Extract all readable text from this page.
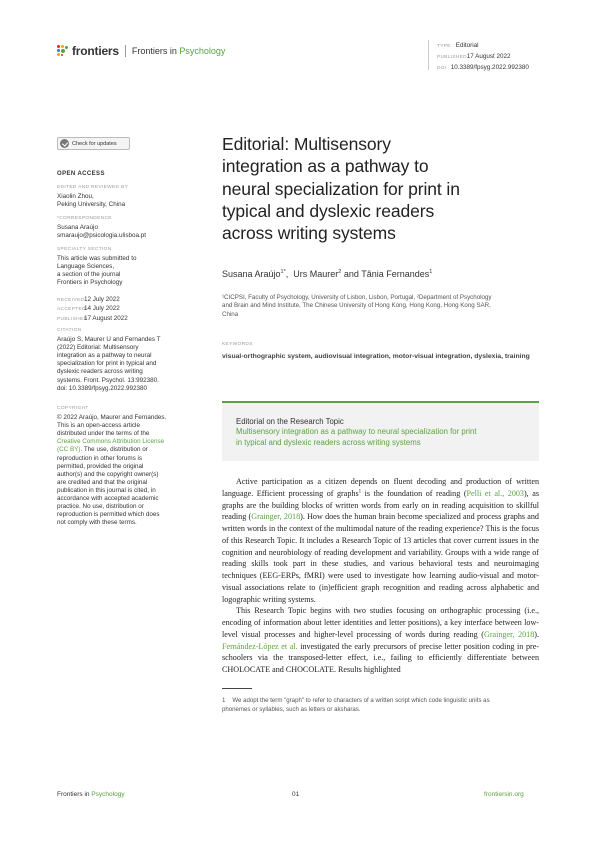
frontiers Frontiers in Psychology	TYPE Editorial
PUBLISHED 17 August 2022
DOI 10.3389/fpsyg.2022.992380
Check for updates
OPEN ACCESS
EDITED AND REVIEWED BY
Xiaolin Zhou,
Peking University, China
*CORRESPONDENCE
Susana Araújo
smaraujo@psicologia.ulisboa.pt
SPECIALTY SECTION
This article was submitted to
Language Sciences,
a section of the journal
Frontiers in Psychology
RECEIVED12 July 2022
ACCEPTED14 July 2022
PUBLISHED17 August 2022
CITATION
Araújo S, Maurer U and Fernandes T
(2022) Editorial: Multisensory
integration as a pathway to neural
specialization for print in typical and
dyslexic readers across writing
systems. Front. Psychol. 13:992380.
doi: 10.3389/fpsyg.2022.992380
COPYRIGHT
© 2022 Araújo, Maurer and Fernandes.
This is an open-access article
distributed under the terms of the
Creative Commons Attribution License
(CC BY). The use, distribution or
reproduction in other forums is
permitted, provided the original
author(s) and the copyright owner(s)
are credited and that the original
publication in this journal is cited, in
accordance with accepted academic
practice. No use, distribution or
reproduction is permitted which does
not comply with these terms.
Editorial: Multisensory
integration as a pathway to
neural specialization for print in
typical and dyslexic readers
across writing systems
Susana Araújo$^{1*}$,  Urs Maurer$^2$ and Tânia Fernandes$^1$
¹CICPSI, Faculty of Psychology, University of Lisbon, Lisbon, Portugal, ²Department of Psychology
and Brain and Mind Institute, The Chinese University of Hong Kong, Hong Kong, Hong Kong SAR,
China
KEYWORDS
visual-orthographic system, audiovisual integration, motor-visual integration, dyslexia, training
Editorial on the Research Topic
Multisensory integration as a pathway to neural specialization for print
in typical and dyslexic readers across writing systems

Active participation as a citizen depends on fluent decoding and production of written language. Efficient processing of graphs$^1$ is the foundation of reading (Pelli et al., 2003), as graphs are the building blocks of written words from early on in reading acquisition to skillful reading (Grainger, 2018). How does the human brain become specialized and process graphs and written words in the context of the multimodal nature of the reading experience? This is the focus of this Research Topic. It includes a Research Topic of 13 articles that cover current issues in the cognition and neurobiology of reading development and variability. Groups with a wide range of reading skills took part in these studies, and various behavioral tests and neuroimaging techniques (EEG-ERPs, fMRI) were used to investigate how learning audio-visual and motor-visual associations relate to (in)efficient graph recognition and reading across alphabetic and logographic writing systems.

This Research Topic begins with two studies focusing on orthographic processing (i.e., encoding of information about letter identities and letter positions), a key interface between low-level visual processes and higher-level processing of words during reading (Grainger, 2018). Fernández-López et al. investigated the early precursors of precise letter position coding in pre-schoolers via the transposed-letter effect, i.e., failing to efficiently differentiate between CHOLOCATE and CHOCOLATE. Results highlighted

1 We adopt the term "graph" to refer to characters of a written script which code linguistic units as
phonemes or syllables, such as letters or aksharas.
Frontiers in Psychology	01	frontiersin.org
